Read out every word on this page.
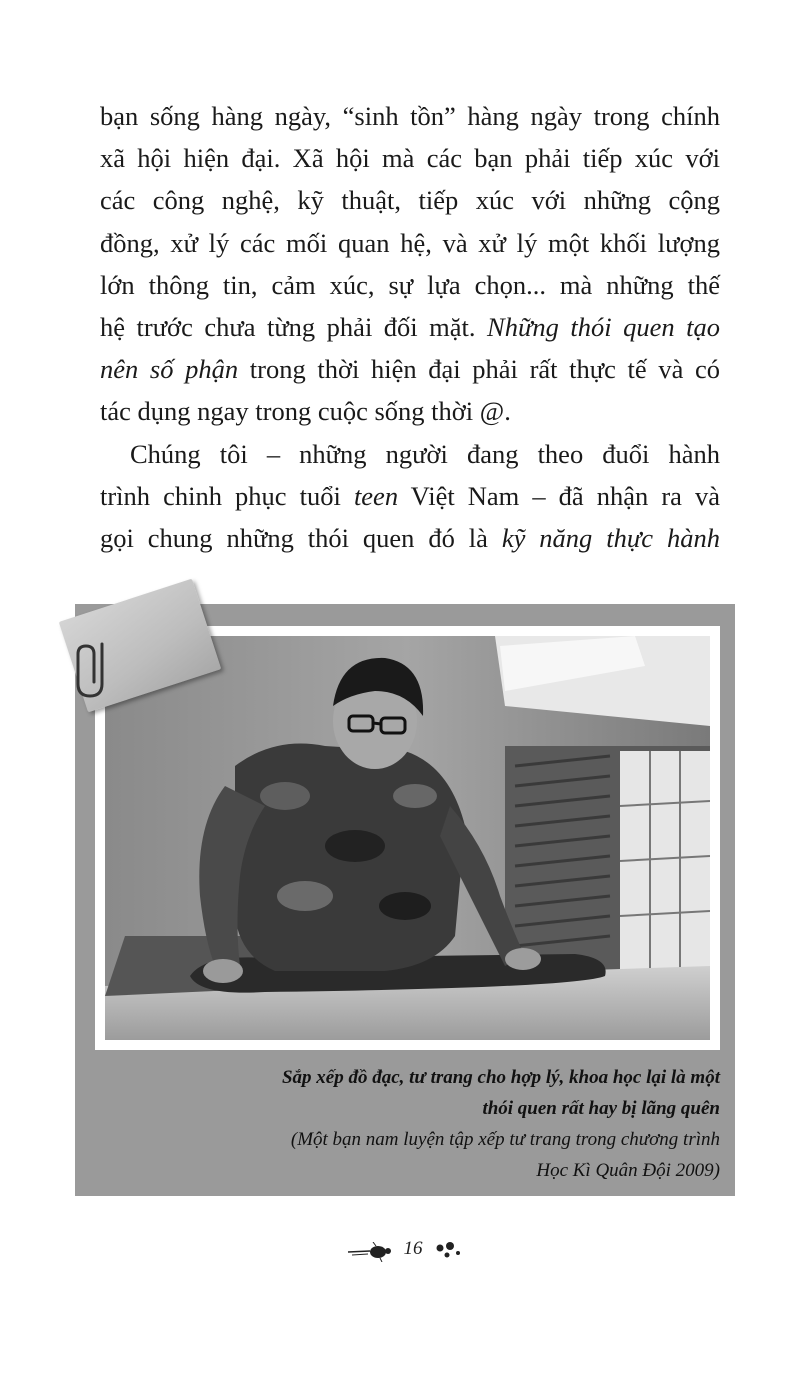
bạn sống hàng ngày, “sinh tồn” hàng ngày trong chính

xã hội hiện đại. Xã hội mà các bạn phải tiếp xúc với

các công nghệ, kỹ thuật, tiếp xúc với những cộng

đồng, xử lý các mối quan hệ, và xử lý một khối lượng

lớn thông tin, cảm xúc, sự lựa chọn... mà những thế

hệ trước chưa từng phải đối mặt. Những thói quen tạo

nên số phận trong thời hiện đại phải rất thực tế và có

tác dụng ngay trong cuộc sống thời @.

Chúng tôi – những người đang theo đuổi hành

trình chinh phục tuổi teen Việt Nam – đã nhận ra và

gọi chung những thói quen đó là kỹ năng thực hành

Sắp xếp đồ đạc, tư trang cho hợp lý, khoa học lại là một
thói quen rất hay bị lãng quên
(Một bạn nam luyện tập xếp tư trang trong chương trình
Học Kì Quân Đội 2009)
16
